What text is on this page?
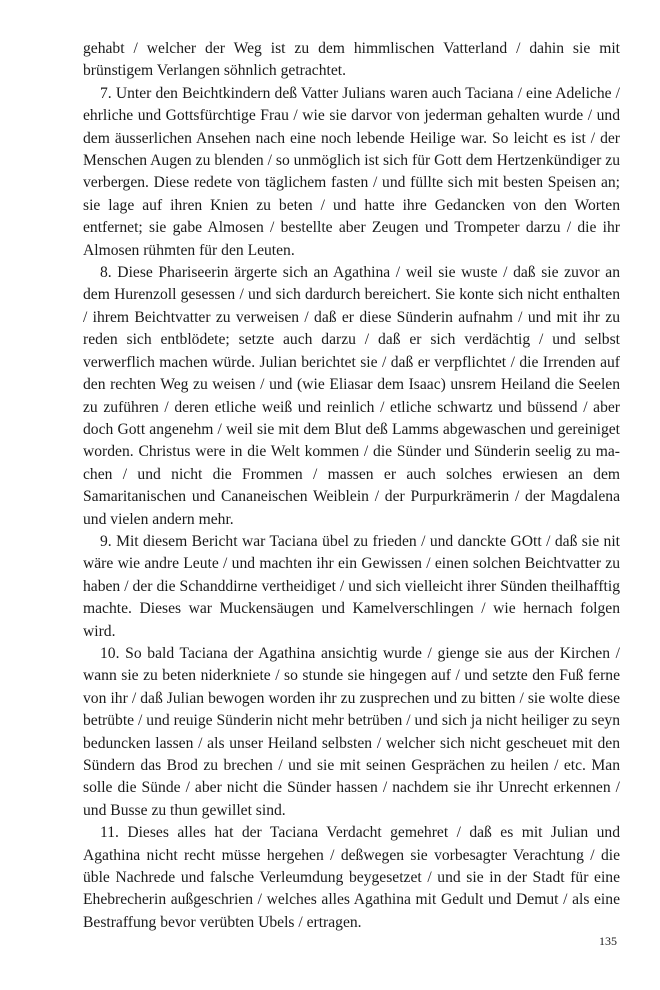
gehabt / welcher der Weg ist zu dem himmlischen Vatterland / dahin sie mit brünstigem Verlangen söhnlich getrachtet.

7. Unter den Beichtkindern deß Vatter Julians waren auch Taciana / eine Adeliche / ehrliche und Gottsfürchtige Frau / wie sie darvor von jederman gehalten wurde / und dem äusserlichen Ansehen nach eine noch lebende Heilige war. So leicht es ist / der Menschen Augen zu blenden / so unmöglich ist sich für Gott dem Hertzenkündiger zu verbergen. Diese redete von täglichem fasten / und füllte sich mit besten Speisen an; sie lage auf ihren Knien zu beten / und hatte ihre Gedancken von den Worten entfernet; sie gabe Almosen / bestellte aber Zeugen und Trompeter darzu / die ihr Almosen rühmten für den Leuten.

8. Diese Phariseerin ärgerte sich an Agathina / weil sie wuste / daß sie zuvor an dem Hurenzoll gesessen / und sich dardurch bereichert. Sie konte sich nicht enthalten / ihrem Beichtvatter zu verweisen / daß er diese Sünderin aufnahm / und mit ihr zu reden sich entblödete; setzte auch darzu / daß er sich verdächtig / und selbst verwerflich machen würde. Julian berichtet sie / daß er verpflichtet / die Irrenden auf den rechten Weg zu weisen / und (wie Eliasar dem Isaac) unsrem Heiland die Seelen zu zuführen / deren etliche weiß und reinlich / etliche schwartz und büssend / aber doch Gott angenehm / weil sie mit dem Blut deß Lamms abgewaschen und gereiniget worden. Christus were in die Welt kommen / die Sünder und Sünderin seelig zu machen / und nicht die Frommen / massen er auch solches erwiesen an dem Samaritanischen und Cananeischen Weiblein / der Purpurkrämerin / der Magdalena und vielen andern mehr.

9. Mit diesem Bericht war Taciana übel zu frieden / und danckte GOtt / daß sie nit wäre wie andre Leute / und machten ihr ein Gewissen / einen solchen Beichtvatter zu haben / der die Schanddirne vertheidiget / und sich vielleicht ihrer Sünden theilhafftig machte. Dieses war Muckensäugen und Kamelverschlingen / wie hernach folgen wird.

10. So bald Taciana der Agathina ansichtig wurde / gienge sie aus der Kirchen / wann sie zu beten niderkniete / so stunde sie hingegen auf / und setzte den Fuß ferne von ihr / daß Julian bewogen worden ihr zu zusprechen und zu bitten / sie wolte diese betrübte / und reuige Sünderin nicht mehr betrüben / und sich ja nicht heiliger zu seyn beduncken lassen / als unser Heiland selbsten / welcher sich nicht gescheuet mit den Sündern das Brod zu brechen / und sie mit seinen Gesprächen zu heilen / etc. Man solle die Sünde / aber nicht die Sünder hassen / nachdem sie ihr Unrecht erkennen / und Busse zu thun gewillet sind.

11. Dieses alles hat der Taciana Verdacht gemehret / daß es mit Julian und Agathina nicht recht müsse hergehen / deßwegen sie vorbesagter Verachtung / die üble Nachrede und falsche Verleumdung beygesetzet / und sie in der Stadt für eine Ehebrecherin außgeschrien / welches alles Agathina mit Gedult und Demut / als eine Bestraffung bevor verübten Ubels / ertragen.

135
